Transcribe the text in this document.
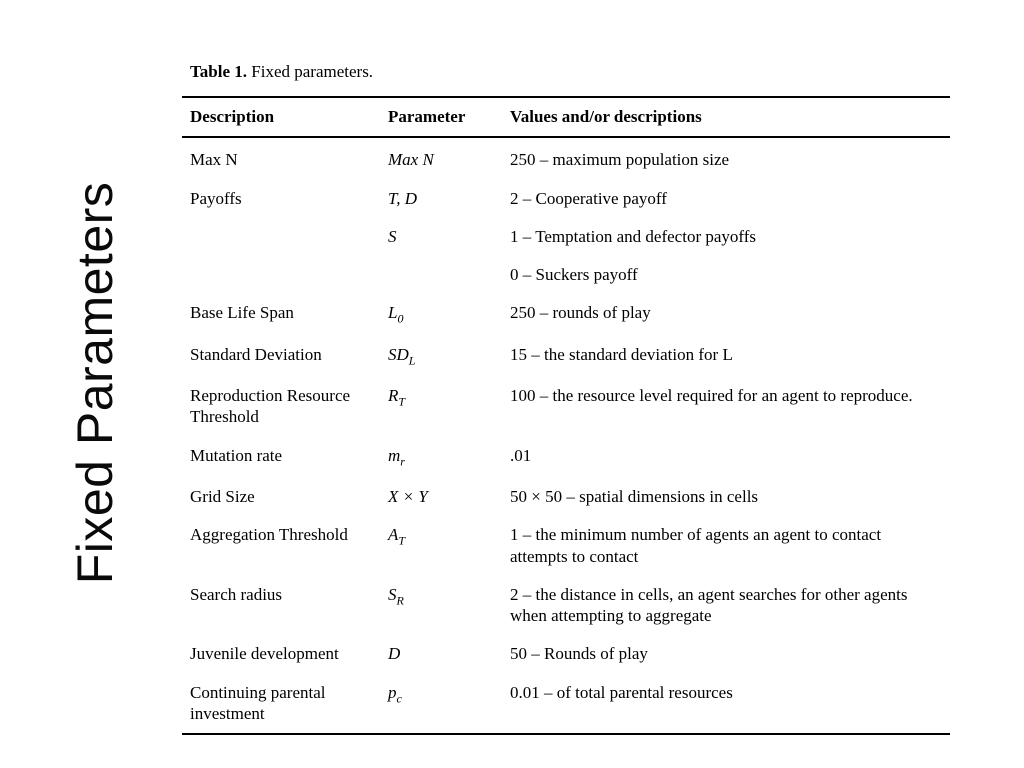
Fixed Parameters
Table 1. Fixed parameters.
Description	Parameter	Values and/or descriptions
Max N	Max N	250 – maximum population size
Payoffs	T, D	2 – Cooperative payoff
	S	1 – Temptation and defector payoffs
		0 – Suckers payoff
Base Life Span	$L_0$	250 – rounds of play
Standard Deviation	$SD_L$	15 – the standard deviation for L
Reproduction Resource Threshold	$R_T$	100 – the resource level required for an agent to reproduce.
Mutation rate	$m_r$	.01
Grid Size	X × Y	50 × 50 – spatial dimensions in cells
Aggregation Threshold	$A_T$	1 – the minimum number of agents an agent to contact attempts to contact
Search radius	$S_R$	2 – the distance in cells, an agent searches for other agents when attempting to aggregate
Juvenile development	D	50 – Rounds of play
Continuing parental investment	$p_c$	0.01 – of total parental resources
